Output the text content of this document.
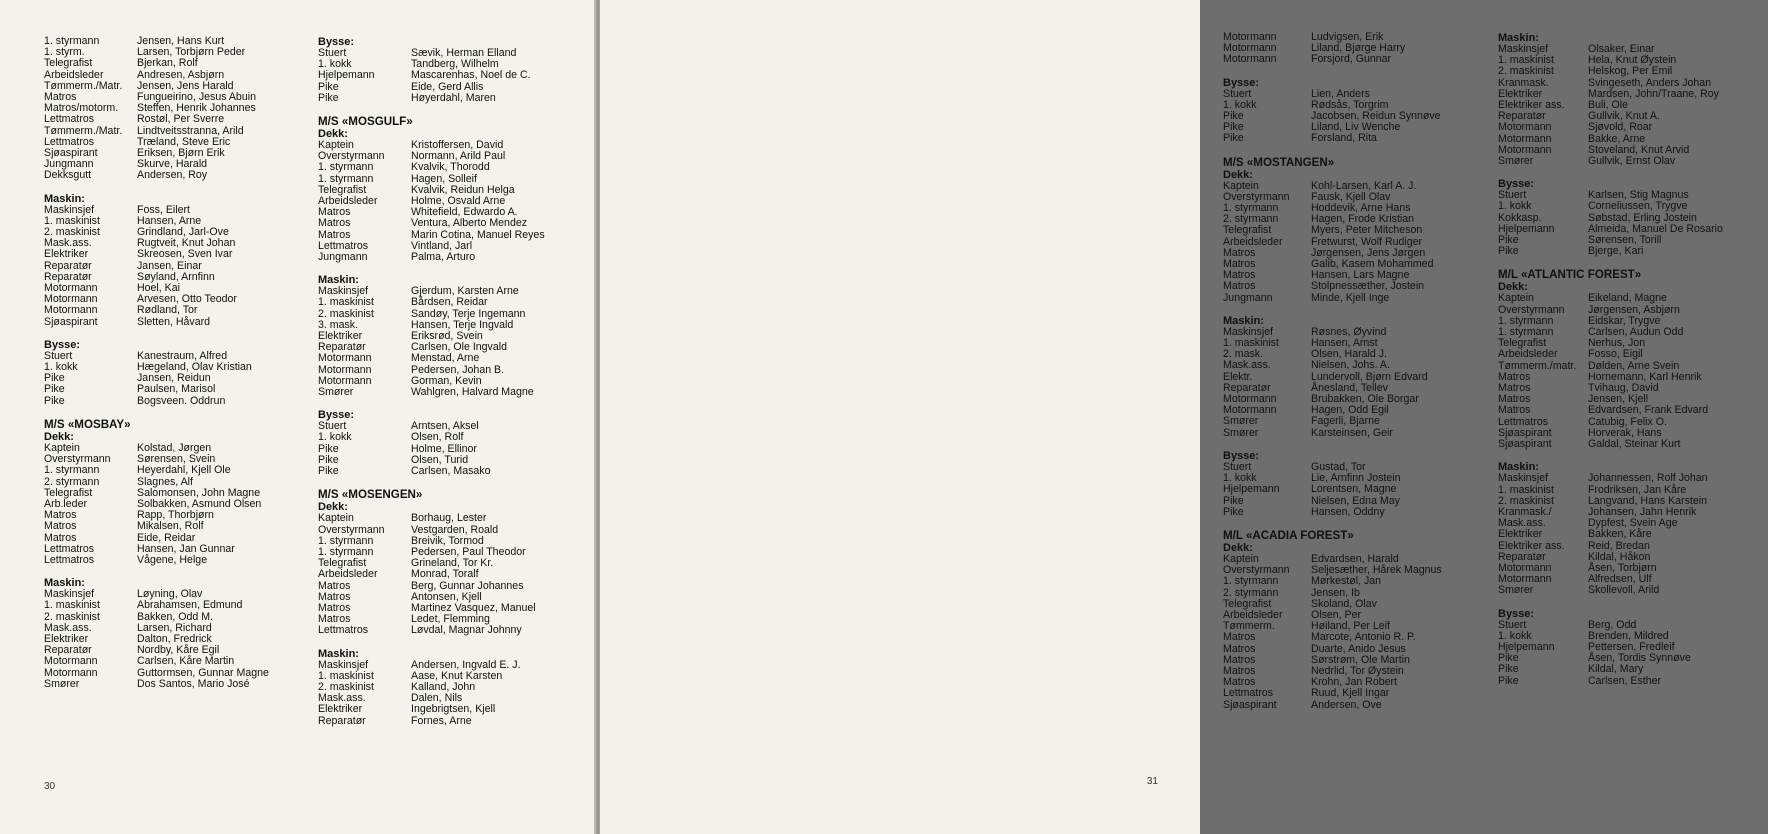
1. styrmann	Jensen, Hans Kurt
1. styrm.	Larsen, Torbjørn Peder
Telegrafist	Bjerkan, Rolf
Arbeidsleder	Andresen, Asbjørn
Tømmerm./Matr.	Jensen, Jens Harald
Matros	Fungueirino, Jesus Abuin
Matros/motorm.	Steffen, Henrik Johannes
Lettmatros	Rostøl, Per Sverre
Tømmerm./Matr.	Lindtveitsstranna, Arild
Lettmatros	Træland, Steve Eric
Sjøaspirant	Eriksen, Bjørn Erik
Jungmann	Skurve, Harald
Dekksgutt	Andersen, Roy
Maskin:
Maskinsjef	Foss, Eilert
1. maskinist	Hansen, Arne
2. maskinist	Grindland, Jarl-Ove
Mask.ass.	Rugtveit, Knut Johan
Elektriker	Skreosen, Sven Ivar
Reparatør	Jansen, Einar
Reparatør	Søyland, Arnfinn
Motormann	Hoel, Kai
Motormann	Arvesen, Otto Teodor
Motormann	Rødland, Tor
Sjøaspirant	Sletten, Håvard
Bysse:
Stuert	Kanestraum, Alfred
1. kokk	Hægeland, Olav Kristian
Pike	Jansen, Reidun
Pike	Paulsen, Marisol
Pike	Bogsveen. Oddrun
M/S «MOSBAY»
Dekk:
Kaptein	Kolstad, Jørgen
Overstyrmann	Sørensen, Svein
1. styrmann	Heyerdahl, Kjell Ole
2. styrmann	Slagnes, Alf
Telegrafist	Salomonsen, John Magne
Arb.leder	Solbakken, Asmund Olsen
Matros	Rapp, Thorbjørn
Matros	Mikalsen, Rolf
Matros	Eide, Reidar
Lettmatros	Hansen, Jan Gunnar
Lettmatros	Vågene, Helge
Maskin:
Maskinsjef	Løyning, Olav
1. maskinist	Abrahamsen, Edmund
2. maskinist	Bakken, Odd M.
Mask.ass.	Larsen, Richard
Elektriker	Dalton, Fredrick
Reparatør	Nordby, Kåre Egil
Motormann	Carlsen, Kåre Martin
Motormann	Guttormsen, Gunnar Magne
Smører	Dos Santos, Mario José
Bysse:
Stuert	Sævik, Herman Elland
1. kokk	Tandberg, Wilhelm
Hjelpemann	Mascarenhas, Noel de C.
Pike	Eide, Gerd Allis
Pike	Høyerdahl, Maren
M/S «MOSGULF»
Dekk:
Kaptein	Kristoffersen, David
Overstyrmann	Normann, Arild Paul
1. styrmann	Kvalvik, Thorodd
1. styrmann	Hagen, Solleif
Telegrafist	Kvalvik, Reidun Helga
Arbeidsleder	Holme, Osvald Arne
Matros	Whitefield, Edwardo A.
Matros	Ventura, Alberto Mendez
Matros	Marin Cotina, Manuel Reyes
Lettmatros	Vintland, Jarl
Jungmann	Palma, Arturo
Maskin:
Maskinsjef	Gjerdum, Karsten Arne
1. maskinist	Bårdsen, Reidar
2. maskinist	Sandøy, Terje Ingemann
3. mask.	Hansen, Terje Ingvald
Elektriker	Eriksrød, Svein
Reparatør	Carlsen, Ole Ingvald
Motormann	Menstad, Arne
Motormann	Pedersen, Johan B.
Motormann	Gorman, Kevin
Smører	Wahlgren, Halvard Magne
Bysse:
Stuert	Arntsen, Aksel
1. kokk	Olsen, Rolf
Pike	Holme, Ellinor
Pike	Olsen, Turid
Pike	Carlsen, Masako
M/S «MOSENGEN»
Dekk:
Kaptein	Borhaug, Lester
Overstyrmann	Vestgarden, Roald
1. styrmann	Breivik, Tormod
1. styrmann	Pedersen, Paul Theodor
Telegrafist	Grineland, Tor Kr.
Arbeidsleder	Monrad, Toralf
Matros	Berg, Gunnar Johannes
Matros	Antonsen, Kjell
Matros	Martinez Vasquez, Manuel
Matros	Ledet, Flemming
Lettmatros	Løvdal, Magnar Johnny
Maskin:
Maskinsjef	Andersen, Ingvald E. J.
1. maskinist	Aase, Knut Karsten
2. maskinist	Kalland, John
Mask.ass.	Dalen, Nils
Elektriker	Ingebrigtsen, Kjell
Reparatør	Fornes, Arne
30
Motormann	Ludvigsen, Erik
Motormann	Liland, Bjørge Harry
Motormann	Forsjord, Gunnar
Bysse:
Stuert	Lien, Anders
1. kokk	Rødsås, Torgrim
Pike	Jacobsen, Reidun Synnøve
Pike	Liland, Liv Wenche
Pike	Forsland, Rita
M/S «MOSTANGEN»
Dekk:
Kaptein	Kohl-Larsen, Karl A. J.
Overstyrmann	Fausk, Kjell Olav
1. styrmann	Hoddevik, Arne Hans
2. styrmann	Hagen, Frode Kristian
Telegrafist	Myers, Peter Mitcheson
Arbeidsleder	Fretwurst, Wolf Rudiger
Matros	Jørgensen, Jens Jørgen
Matros	Galib, Kasem Mohammed
Matros	Hansen, Lars Magne
Matros	Stolpnessæther, Jostein
Jungmann	Minde, Kjell Inge
Maskin:
Maskinsjef	Røsnes, Øyvind
1. maskinist	Hansen, Arnst
2. mask.	Olsen, Harald J.
Mask.ass.	Nielsen, Johs. A.
Elektr.	Lundervoll, Bjørn Edvard
Reparatør	Ånesland, Tellev
Motormann	Brubakken, Ole Borgar
Motormann	Hagen, Odd Egil
Smører	Fagerli, Bjarne
Smører	Karsteinsen, Geir
Bysse:
Stuert	Gustad, Tor
1. kokk	Lie, Arnfinn Jostein
Hjelpemann	Lorentsen, Magne
Pike	Nielsen, Edna May
Pike	Hansen, Oddny
M/L «ACADIA FOREST»
Dekk:
Kaptein	Edvardsen, Harald
Overstyrmann	Seljesæther, Hårek Magnus
1. styrmann	Mørkestøl, Jan
2. styrmann	Jensen, Ib
Telegrafist	Skoland, Olav
Arbeidsleder	Olsen, Per
Tømmerm.	Høiland, Per Leif
Matros	Marcote, Antonio R. P.
Matros	Duarte, Anido Jesus
Matros	Sørstrøm, Ole Martin
Matros	Nedrlid, Tor Øystein
Matros	Krohn, Jan Robert
Lettmatros	Ruud, Kjell Ingar
Sjøaspirant	Andersen, Ove
Maskin:
Maskinsjef	Olsaker, Einar
1. maskinist	Hela, Knut Øystein
2. maskinist	Helskog, Per Emil
Kranmask.	Svingeseth, Anders Johan
Elektriker	Mardsen, John/Traane, Roy
Elektriker ass.	Buli, Ole
Reparatør	Gullvik, Knut A.
Motormann	Sjøvold, Roar
Motormann	Bakke, Arne
Motormann	Stoveland, Knut Arvid
Smører	Gullvik, Ernst Olav
Bysse:
Stuert	Karlsen, Stig Magnus
1. kokk	Corneliussen, Trygve
Kokkasp.	Søbstad, Erling Jostein
Hjelpemann	Almeida, Manuel De Rosario
Pike	Sørensen, Torill
Pike	Bjerge, Kari
M/L «ATLANTIC FOREST»
Dekk:
Kaptein	Eikeland, Magne
Overstyrmann	Jørgensen, Asbjørn
1. styrmann	Eidskar, Trygve
1. styrmann	Carlsen, Audun Odd
Telegrafist	Nerhus, Jon
Arbeidsleder	Fosso, Eigil
Tømmerm./matr.	Dølden, Arne Svein
Matros	Hornemann, Karl Henrik
Matros	Tvihaug, David
Matros	Jensen, Kjell
Matros	Edvardsen, Frank Edvard
Lettmatros	Catubig, Felix O.
Sjøaspirant	Horverak, Hans
Sjøaspirant	Galdal, Steinar Kurt
Maskin:
Maskinsjef	Johannessen, Rolf Johan
1. maskinist	Frodriksen, Jan Kåre
2. maskinist	Langvand, Hans Karstein
Kranmask./	Johansen, Jahn Henrik
Mask.ass.	Dypfest, Svein Age
Elektriker	Bakken, Kåre
Elektriker ass.	Reid, Bredan
Reparatør	Kildal, Håkon
Motormann	Åsen, Torbjørn
Motormann	Alfredsen, Ulf
Smører	Skollevoll, Arild
Bysse:
Stuert	Berg, Odd
1. kokk	Brenden, Mildred
Hjelpemann	Pettersen, Fredleif
Pike	Åsen, Tordis Synnøve
Pike	Kildal, Mary
Pike	Carlsen, Esther
31
